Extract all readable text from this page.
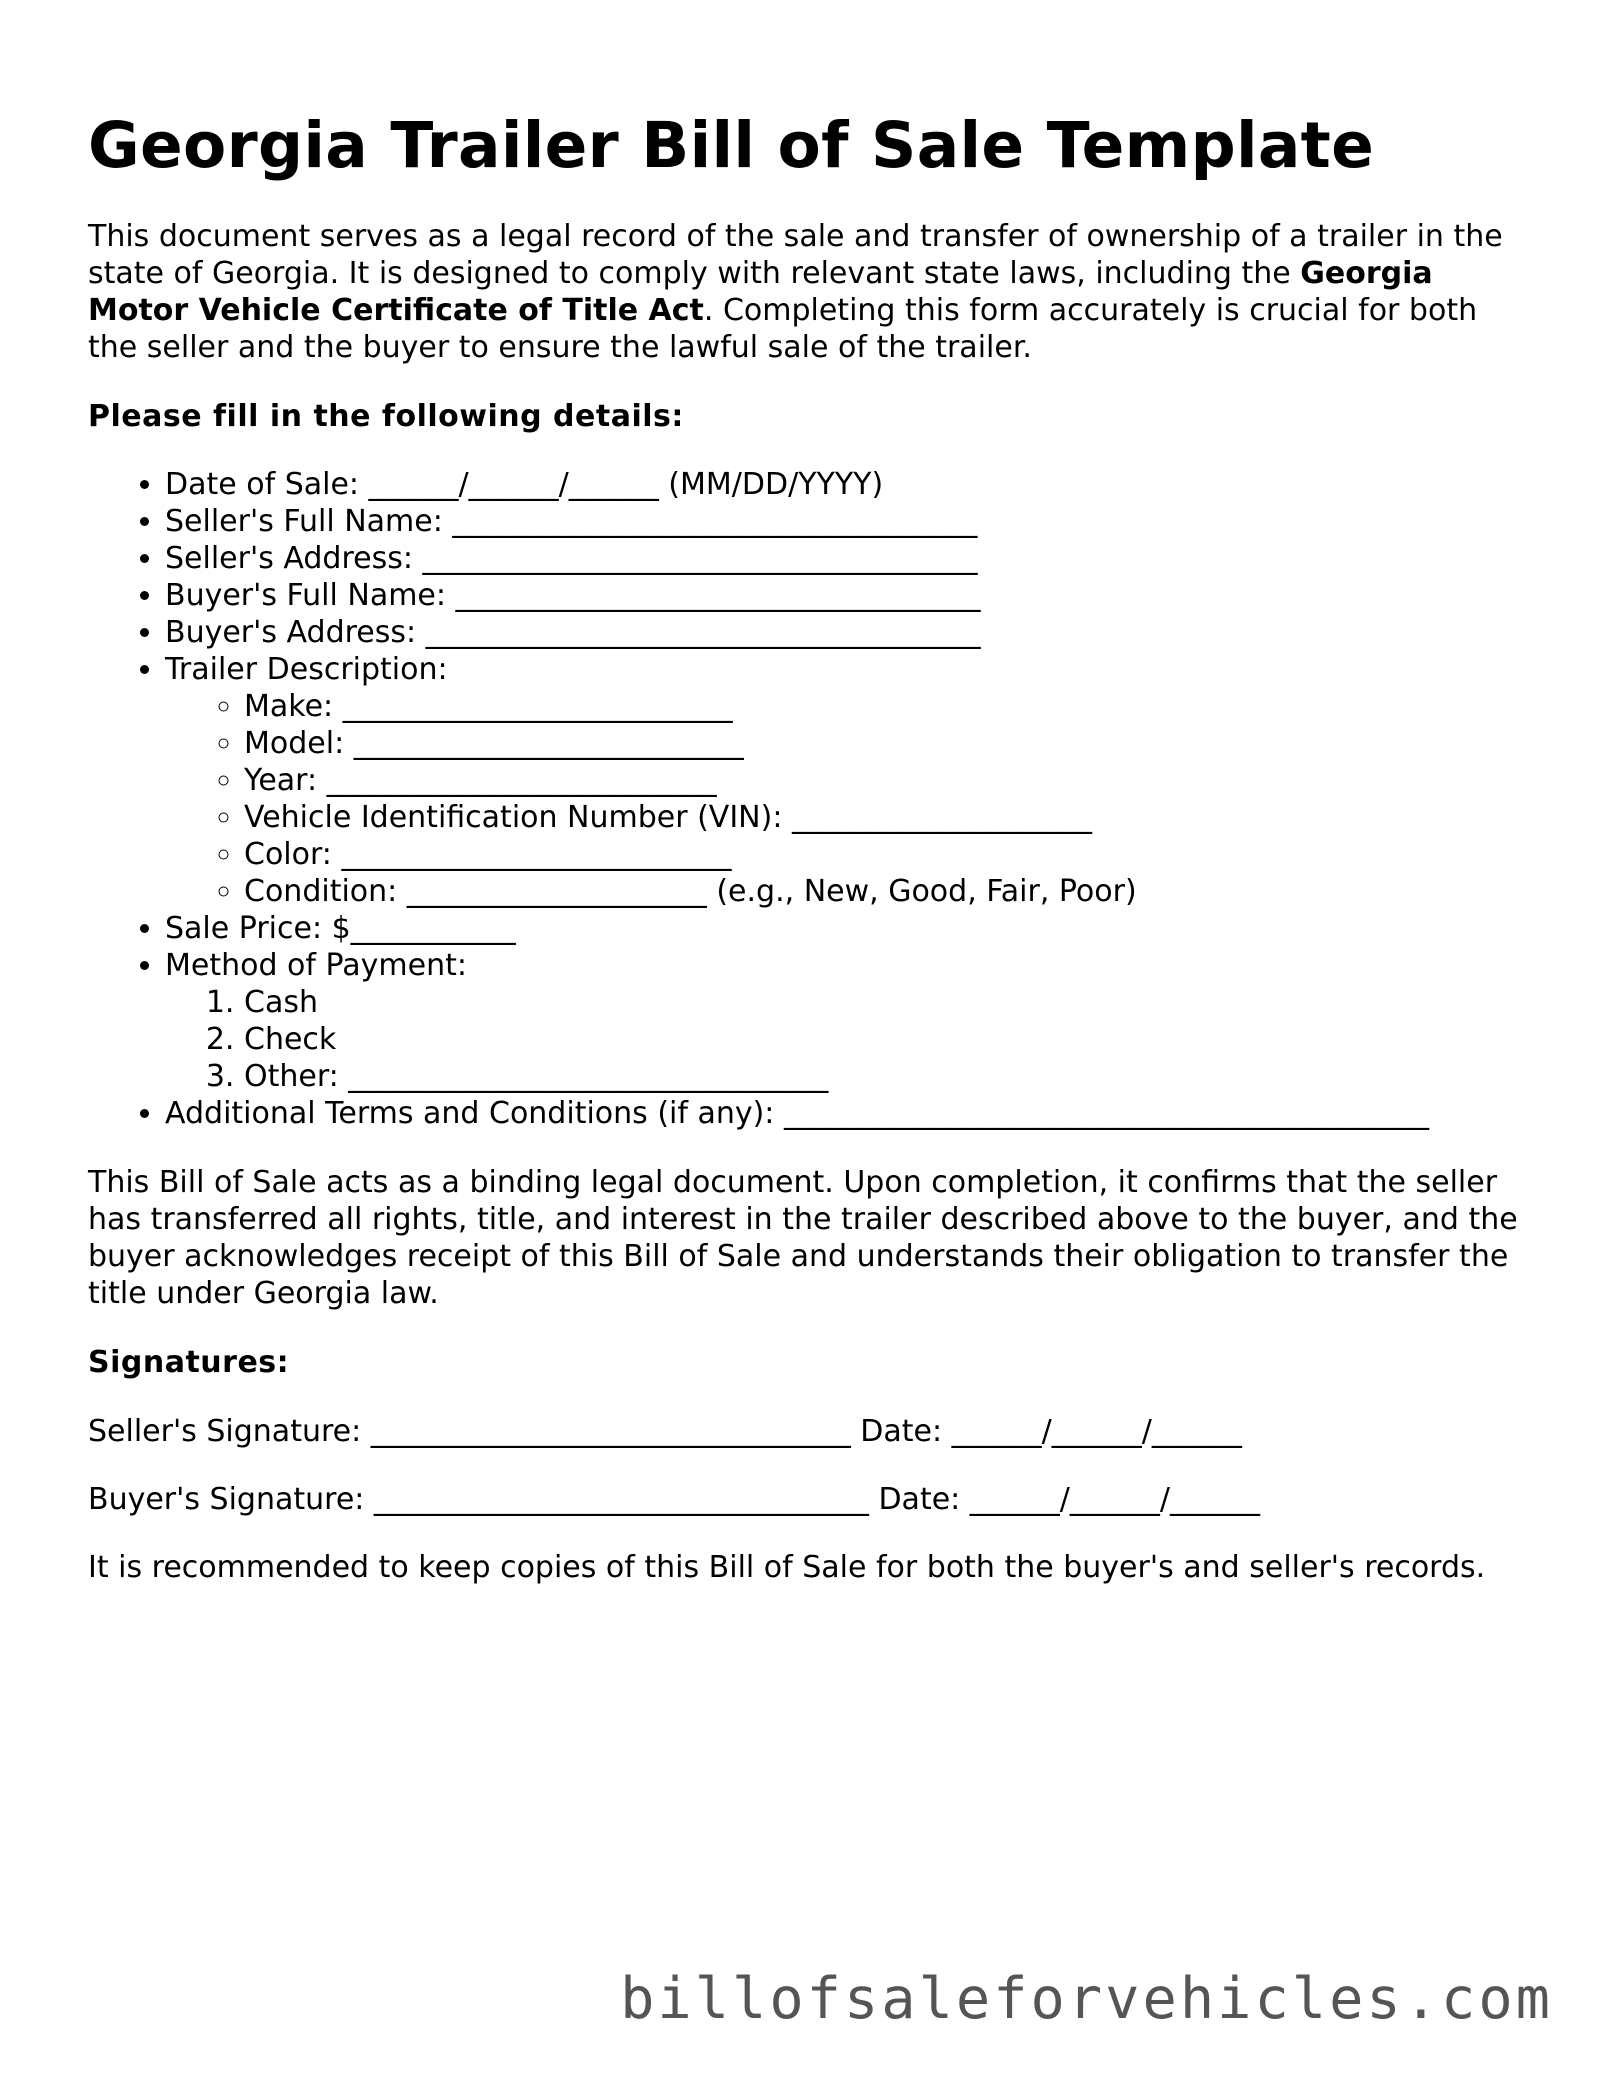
Georgia Trailer Bill of Sale Template

This document serves as a legal record of the sale and transfer of ownership of a trailer in the state of Georgia. It is designed to comply with relevant state laws, including the Georgia Motor Vehicle Certificate of Title Act. Completing this form accurately is crucial for both the seller and the buyer to ensure the lawful sale of the trailer.

Please fill in the following details:

• Date of Sale: ______/______/______ (MM/DD/YYYY)
• Seller's Full Name: ___________________________________
• Seller's Address: _____________________________________
• Buyer's Full Name: ___________________________________
• Buyer's Address: _____________________________________
• Trailer Description:
◦ Make: __________________________
◦ Model: __________________________
◦ Year: __________________________
◦ Vehicle Identification Number (VIN): ____________________
◦ Color: __________________________
◦ Condition: ____________________ (e.g., New, Good, Fair, Poor)
• Sale Price: $___________
• Method of Payment:
1. Cash
2. Check
3. Other: ________________________________
• Additional Terms and Conditions (if any): ___________________________________________

This Bill of Sale acts as a binding legal document. Upon completion, it confirms that the seller has transferred all rights, title, and interest in the trailer described above to the buyer, and the buyer acknowledges receipt of this Bill of Sale and understands their obligation to transfer the title under Georgia law.

Signatures:

Seller's Signature: ________________________________ Date: ______/______/______

Buyer's Signature: _________________________________ Date: ______/______/______

It is recommended to keep copies of this Bill of Sale for both the buyer's and seller's records.

billofsaleforvehicles.com
